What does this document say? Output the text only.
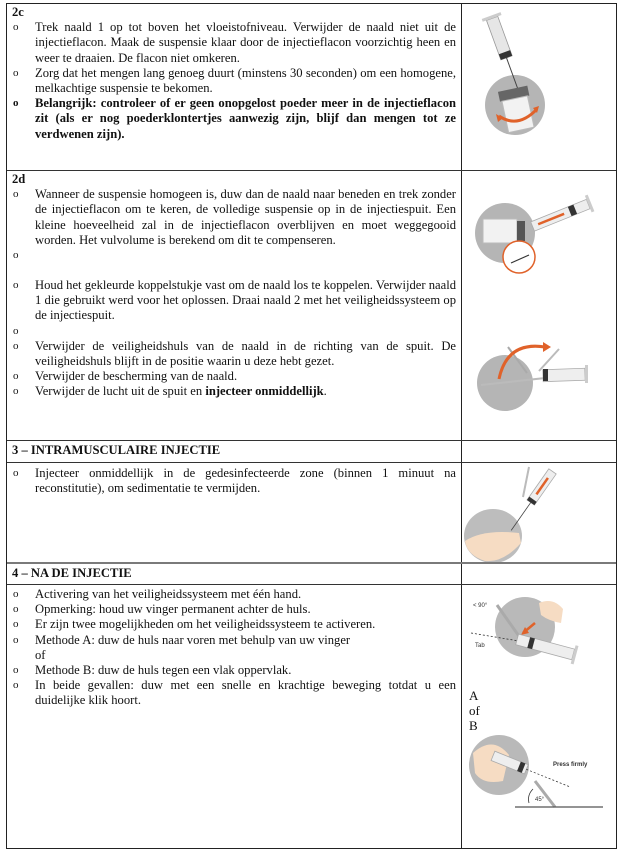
2c
o Trek naald 1 op tot boven het vloeistofniveau. Verwijder de naald niet uit de injectieflacon. Maak de suspensie klaar door de injectieflacon voorzichtig heen en weer te draaien. De flacon niet omkeren.
o Zorg dat het mengen lang genoeg duurt (minstens 30 seconden) om een homogene, melkachtige suspensie te bekomen.
o Belangrijk: controleer of er geen onopgelost poeder meer in de injectieflacon zit (als er nog poederklontertjes aanwezig zijn, blijf dan mengen tot ze verdwenen zijn).
2d
o Wanneer de suspensie homogeen is, duw dan de naald naar beneden en trek zonder de injectieflacon om te keren, de volledige suspensie op in de injectiespuit. Een kleine hoeveelheid zal in de injectieflacon overblijven en moet weggegooid worden. Het vulvolume is berekend om dit te compenseren.
o
o Houd het gekleurde koppelstukje vast om de naald los te koppelen. Verwijder naald 1 die gebruikt werd voor het oplossen. Draai naald 2 met het veiligheidssysteem op de injectiespuit.
o
o Verwijder de veiligheidshuls van de naald in de richting van de spuit. De veiligheidshuls blijft in de positie waarin u deze hebt gezet.
o Verwijder de bescherming van de naald.
o Verwijder de lucht uit de spuit en injecteer onmiddellijk.
3 – INTRAMUSCULAIRE INJECTIE
o Injecteer onmiddellijk in de gedesinfecteerde zone (binnen 1 minuut na reconstitutie), om sedimentatie te vermijden.
4 – NA DE INJECTIE
o Activering van het veiligheidssysteem met één hand.
o Opmerking: houd uw vinger permanent achter de huls.
o Er zijn twee mogelijkheden om het veiligheidssysteem te activeren.
o Methode A: duw de huls naar voren met behulp van uw vinger
of
o Methode B: duw de huls tegen een vlak oppervlak.
o In beide gevallen: duw met een snelle en krachtige beweging totdat u een duidelijke klik hoort.
< 90°
Tab
A
of
B
Press firmly
45°
